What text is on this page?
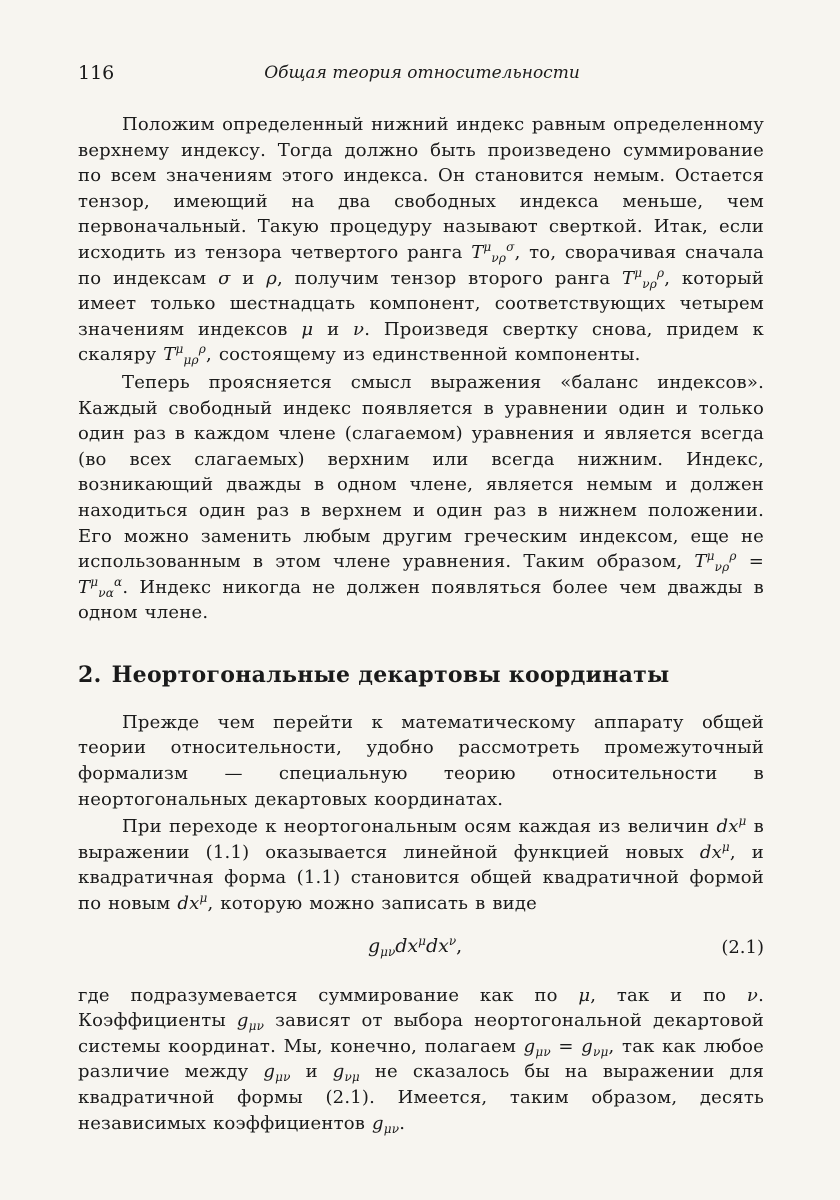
116	Общая теория относительности

Положим определенный нижний индекс равным определенному верхнему индексу. Тогда должно быть произведено суммирование по всем значениям этого индекса. Он становится немым. Остается тензор, имеющий на два свободных индекса меньше, чем первоначальный. Такую процедуру называют сверткой. Итак, если исходить из тензора четвертого ранга $T^\mu_{\nu\rho}^\sigma$, то, сворачивая сначала по индексам σ и ρ, получим тензор второго ранга $T^\mu_{\nu\rho}^\rho$, который имеет только шестнадцать компонент, соответствующих четырем значениям индексов μ и ν. Произведя свертку снова, придем к скаляру $T^\mu_{\mu\rho}^\rho$, состоящему из единственной компоненты.

Теперь проясняется смысл выражения «баланс индексов». Каждый свободный индекс появляется в уравнении один и только один раз в каждом члене (слагаемом) уравнения и является всегда (во всех слагаемых) верхним или всегда нижним. Индекс, возникающий дважды в одном члене, является немым и должен находиться один раз в верхнем и один раз в нижнем положении. Его можно заменить любым другим греческим индексом, еще не использованным в этом члене уравнения. Таким образом, $T^\mu_{\nu\rho}^\rho = T^\mu_{\nu\alpha}^\alpha$. Индекс никогда не должен появляться более чем дважды в одном члене.

2. Неортогональные декартовы координаты

Прежде чем перейти к математическому аппарату общей теории относительности, удобно рассмотреть промежуточный формализм — специальную теорию относительности в неортогональных декартовых координатах.

При переходе к неортогональным осям каждая из величин $dx^\mu$ в выражении (1.1) оказывается линейной функцией новых $dx^\mu$, и квадратичная форма (1.1) становится общей квадратичной формой по новым $dx^\mu$, которую можно записать в виде

$g_{\mu\nu}dx^\mu dx^\nu$,	(2.1)

где подразумевается суммирование как по μ, так и по ν. Коэффициенты $g_{\mu\nu}$ зависят от выбора неортогональной декартовой системы координат. Мы, конечно, полагаем $g_{\mu\nu} = g_{\nu\mu}$, так как любое различие между $g_{\mu\nu}$ и $g_{\nu\mu}$ не сказалось бы на выражении для квадратичной формы (2.1). Имеется, таким образом, десять независимых коэффициентов $g_{\mu\nu}$.
